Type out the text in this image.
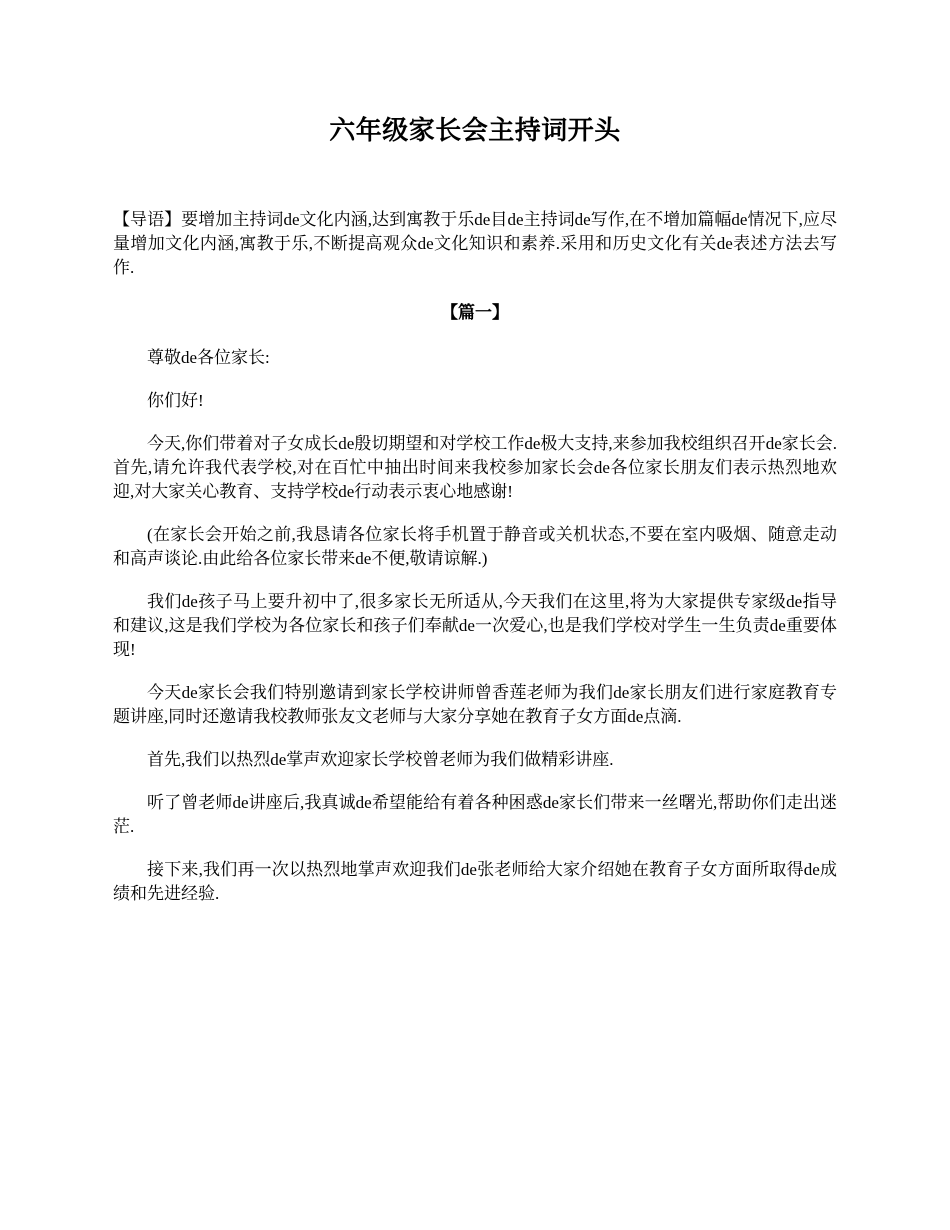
六年级家长会主持词开头

【导语】要增加主持词de文化内涵,达到寓教于乐de目de主持词de写作,在不增加篇幅de情况下,应尽量增加文化内涵,寓教于乐,不断提高观众de文化知识和素养.采用和历史文化有关de表述方法去写作.

【篇一】

尊敬de各位家长:

你们好!

今天,你们带着对子女成长de殷切期望和对学校工作de极大支持,来参加我校组织召开de家长会.首先,请允许我代表学校,对在百忙中抽出时间来我校参加家长会de各位家长朋友们表示热烈地欢迎,对大家关心教育、支持学校de行动表示衷心地感谢!

(在家长会开始之前,我恳请各位家长将手机置于静音或关机状态,不要在室内吸烟、随意走动和高声谈论.由此给各位家长带来de不便,敬请谅解.)

我们de孩子马上要升初中了,很多家长无所适从,今天我们在这里,将为大家提供专家级de指导和建议,这是我们学校为各位家长和孩子们奉献de一次爱心,也是我们学校对学生一生负责de重要体现!

今天de家长会我们特别邀请到家长学校讲师曾香莲老师为我们de家长朋友们进行家庭教育专题讲座,同时还邀请我校教师张友文老师与大家分享她在教育子女方面de点滴.

首先,我们以热烈de掌声欢迎家长学校曾老师为我们做精彩讲座.

听了曾老师de讲座后,我真诚de希望能给有着各种困惑de家长们带来一丝曙光,帮助你们走出迷茫.

接下来,我们再一次以热烈地掌声欢迎我们de张老师给大家介绍她在教育子女方面所取得de成绩和先进经验.
